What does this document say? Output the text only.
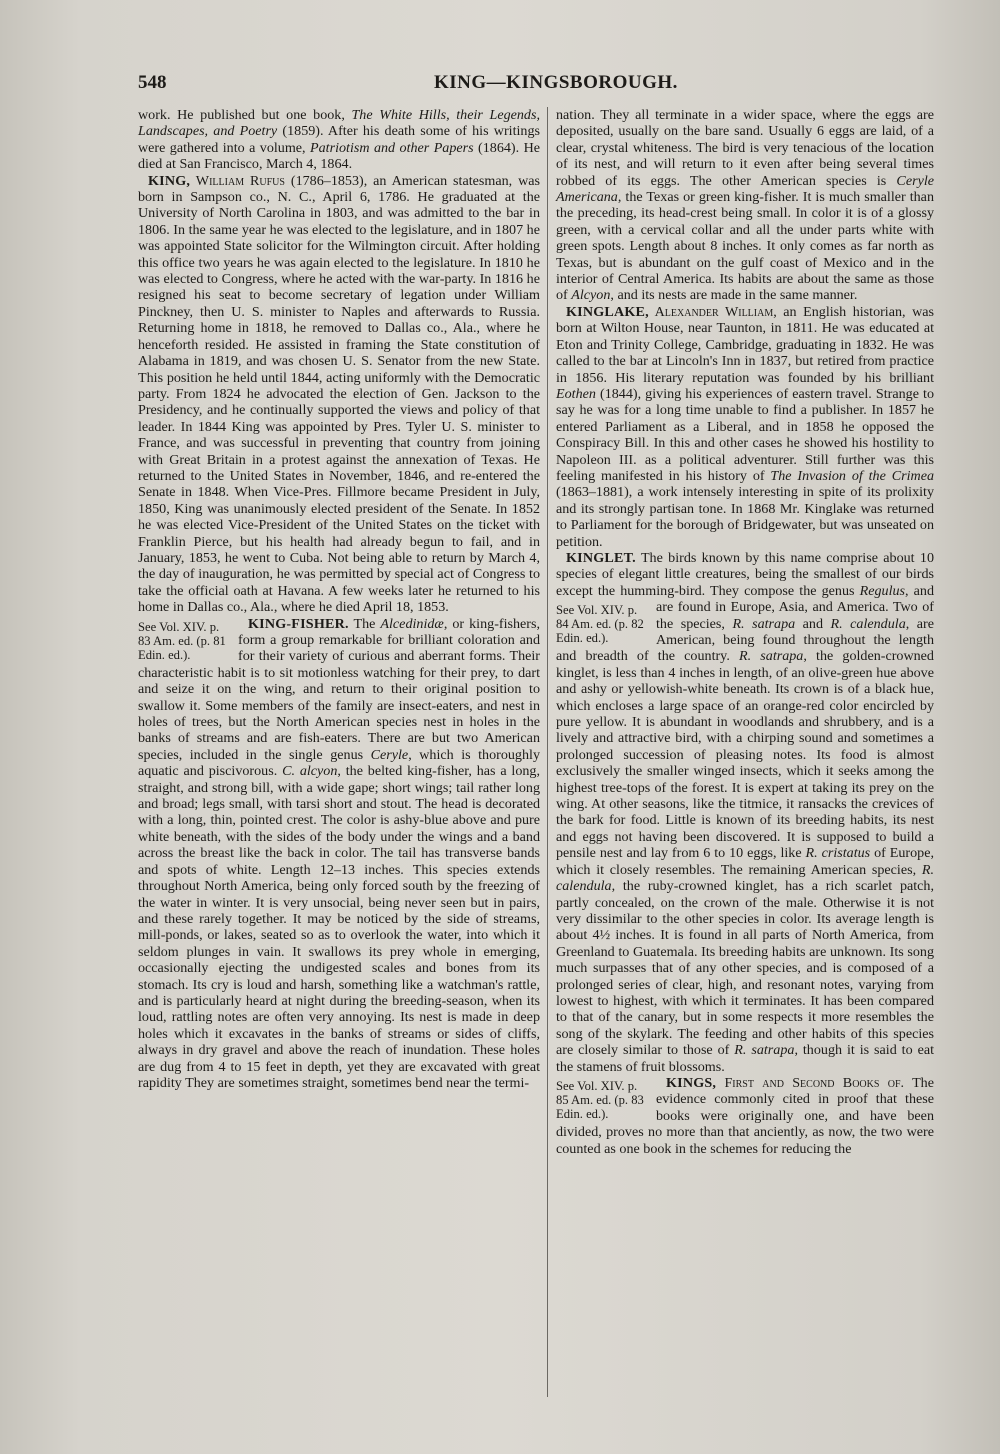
548	KING—KINGSBOROUGH.

work. He published but one book, The White Hills, their Legends, Landscapes, and Poetry (1859). After his death some of his writings were gathered into a volume, Patriotism and other Papers (1864). He died at San Francisco, March 4, 1864.

KING, William Rufus (1786–1853), an American statesman, was born in Sampson co., N. C., April 6, 1786. He graduated at the University of North Carolina in 1803, and was admitted to the bar in 1806. In the same year he was elected to the legislature, and in 1807 he was appointed State solicitor for the Wilmington circuit. After holding this office two years he was again elected to the legislature. In 1810 he was elected to Congress, where he acted with the war-party. In 1816 he resigned his seat to become secretary of legation under William Pinckney, then U. S. minister to Naples and afterwards to Russia. Returning home in 1818, he removed to Dallas co., Ala., where he henceforth resided. He assisted in framing the State constitution of Alabama in 1819, and was chosen U. S. Senator from the new State. This position he held until 1844, acting uniformly with the Democratic party. From 1824 he advocated the election of Gen. Jackson to the Presidency, and he continually supported the views and policy of that leader. In 1844 King was appointed by Pres. Tyler U. S. minister to France, and was successful in preventing that country from joining with Great Britain in a protest against the annexation of Texas. He returned to the United States in November, 1846, and re-entered the Senate in 1848. When Vice-Pres. Fillmore became President in July, 1850, King was unanimously elected president of the Senate. In 1852 he was elected Vice-President of the United States on the ticket with Franklin Pierce, but his health had already begun to fail, and in January, 1853, he went to Cuba. Not being able to return by March 4, the day of inauguration, he was permitted by special act of Congress to take the official oath at Havana. A few weeks later he returned to his home in Dallas co., Ala., where he died April 18, 1853.

KING-FISHER. The Alcedinidæ
See Vol. XIV. p. 83 Am. ed. (p. 81 Edin. ed.).
, or king-fishers, form a group remarkable for brilliant coloration and for their variety of curious and aberrant forms. Their characteristic habit is to sit motionless watching for their prey, to dart and seize it on the wing, and return to their original position to swallow it. Some members of the family are insect-eaters, and nest in holes of trees, but the North American species nest in holes in the banks of streams and are fish-eaters. There are but two American species, included in the single genus Ceryle, which is thoroughly aquatic and piscivorous. C. alcyon, the belted king-fisher, has a long, straight, and strong bill, with a wide gape; short wings; tail rather long and broad; legs small, with tarsi short and stout. The head is decorated with a long, thin, pointed crest. The color is ashy-blue above and pure white beneath, with the sides of the body under the wings and a band across the breast like the back in color. The tail has transverse bands and spots of white. Length 12–13 inches. This species extends throughout North America, being only forced south by the freezing of the water in winter. It is very unsocial, being never seen but in pairs, and these rarely together. It may be noticed by the side of streams, mill-ponds, or lakes, seated so as to overlook the water, into which it seldom plunges in vain. It swallows its prey whole in emerging, occasionally ejecting the undigested scales and bones from its stomach. Its cry is loud and harsh, something like a watchman's rattle, and is particularly heard at night during the breeding-season, when its loud, rattling notes are often very annoying. Its nest is made in deep holes which it excavates in the banks of streams or sides of cliffs, always in dry gravel and above the reach of inundation. These holes are dug from 4 to 15 feet in depth, yet they are excavated with great rapidity They are sometimes straight, sometimes bend near the termi-

nation. They all terminate in a wider space, where the eggs are deposited, usually on the bare sand. Usually 6 eggs are laid, of a clear, crystal whiteness. The bird is very tenacious of the location of its nest, and will return to it even after being several times robbed of its eggs. The other American species is Ceryle Americana, the Texas or green king-fisher. It is much smaller than the preceding, its head-crest being small. In color it is of a glossy green, with a cervical collar and all the under parts white with green spots. Length about 8 inches. It only comes as far north as Texas, but is abundant on the gulf coast of Mexico and in the interior of Central America. Its habits are about the same as those of Alcyon, and its nests are made in the same manner.

KINGLAKE, Alexander William, an English historian, was born at Wilton House, near Taunton, in 1811. He was educated at Eton and Trinity College, Cambridge, graduating in 1832. He was called to the bar at Lincoln's Inn in 1837, but retired from practice in 1856. His literary reputation was founded by his brilliant Eothen (1844), giving his experiences of eastern travel. Strange to say he was for a long time unable to find a publisher. In 1857 he entered Parliament as a Liberal, and in 1858 he opposed the Conspiracy Bill. In this and other cases he showed his hostility to Napoleon III. as a political adventurer. Still further was this feeling manifested in his history of The Invasion of the Crimea (1863–1881), a work intensely interesting in spite of its prolixity and its strongly partisan tone. In 1868 Mr. Kinglake was returned to Parliament for the borough of Bridgewater, but was unseated on petition.

KINGLET. The birds known by this name comprise about 10 species of elegant little creatures, being the smallest of our birds except the humming-bird. They compose the genus
See Vol. XIV. p. 84 Am. ed. (p. 82 Edin. ed.).
Regulus, and are found in Europe, Asia, and America. Two of the species, R. satrapa and R. calendula, are American, being found throughout the length and breadth of the country. R. satrapa, the golden-crowned kinglet, is less than 4 inches in length, of an olive-green hue above and ashy or yellowish-white beneath. Its crown is of a black hue, which encloses a large space of an orange-red color encircled by pure yellow. It is abundant in woodlands and shrubbery, and is a lively and attractive bird, with a chirping sound and sometimes a prolonged succession of pleasing notes. Its food is almost exclusively the smaller winged insects, which it seeks among the highest tree-tops of the forest. It is expert at taking its prey on the wing. At other seasons, like the titmice, it ransacks the crevices of the bark for food. Little is known of its breeding habits, its nest and eggs not having been discovered. It is supposed to build a pensile nest and lay from 6 to 10 eggs, like R. cristatus of Europe, which it closely resembles. The remaining American species, R. calendula, the ruby-crowned kinglet, has a rich scarlet patch, partly concealed, on the crown of the male. Otherwise it is not very dissimilar to the other species in color. Its average length is about 4½ inches. It is found in all parts of North America, from Greenland to Guatemala. Its breeding habits are unknown. Its song much surpasses that of any other species, and is composed of a prolonged series of clear, high, and resonant notes, varying from lowest to highest, with which it terminates. It has been compared to that of the canary, but in some respects it more resembles the song of the skylark. The feeding and other habits of this species are closely similar to those of R. satrapa, though it is said to eat the stamens of fruit blossoms.

KINGS, First and Second Books of.
See Vol. XIV. p. 85 Am. ed. (p. 83 Edin. ed.).
The evidence commonly cited in proof that these books were originally one, and have been divided, proves no more than that anciently, as now, the two were counted as one book in the schemes for reducing the
